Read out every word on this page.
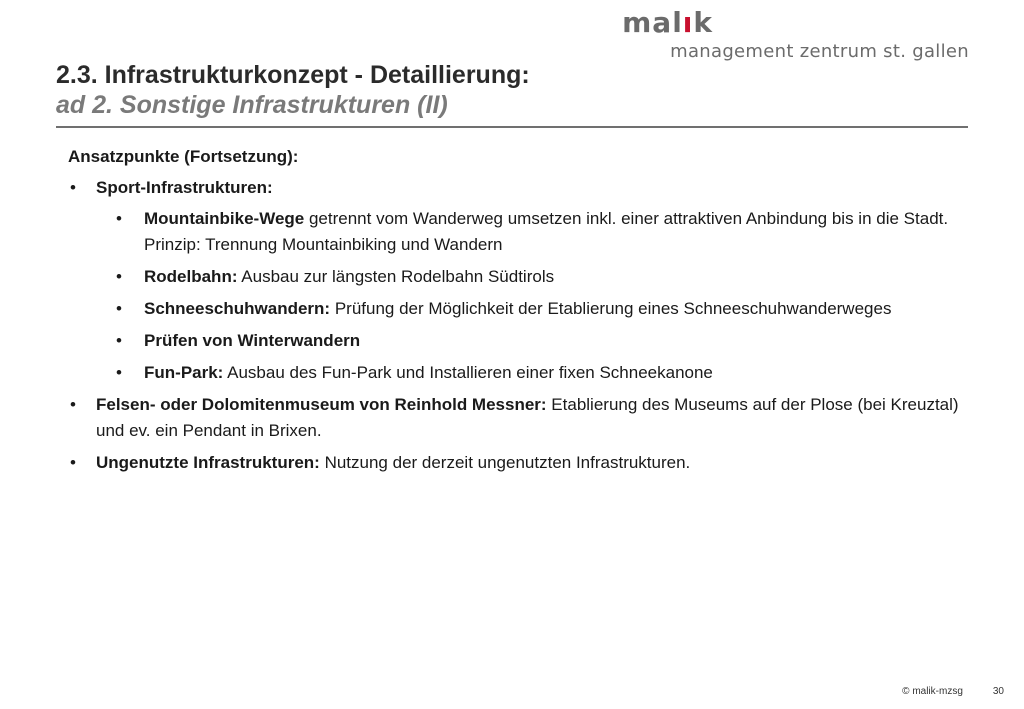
malık
management zentrum st. gallen
2.3. Infrastrukturkonzept - Detaillierung:
ad 2. Sonstige Infrastrukturen (II)
Ansatzpunkte (Fortsetzung):
• Sport-Infrastrukturen:
• Mountainbike-Wege getrennt vom Wanderweg umsetzen inkl. einer attraktiven Anbindung bis in die Stadt. Prinzip: Trennung Mountainbiking und Wandern
• Rodelbahn: Ausbau zur längsten Rodelbahn Südtirols
• Schneeschuhwandern: Prüfung der Möglichkeit der Etablierung eines Schneeschuhwanderweges
• Prüfen von Winterwandern
• Fun-Park: Ausbau des Fun-Park und Installieren einer fixen Schneekanone
• Felsen- oder Dolomitenmuseum von Reinhold Messner: Etablierung des Museums auf der Plose (bei Kreuztal) und ev. ein Pendant in Brixen.
• Ungenutzte Infrastrukturen: Nutzung der derzeit ungenutzten Infrastrukturen.
© malik-mzsg	30
